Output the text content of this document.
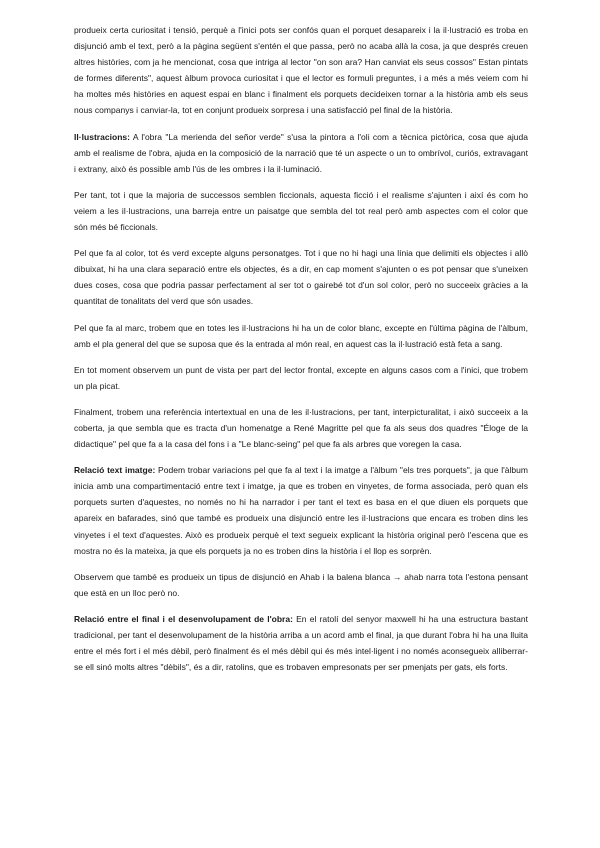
produeix certa curiositat i tensió, perquè a l'inici pots ser confós quan el porquet desapareix i la il·lustració es troba en disjunció amb el text, però a la pàgina següent s'entén el que passa, però no acaba allà la cosa, ja que després creuen altres històries, com ja he mencionat, cosa que intriga al lector "on son ara? Han canviat els seus cossos" Estan pintats de formes diferents", aquest àlbum provoca curiositat i que el lector es formuli preguntes, i a més a més veiem com hi ha moltes més històries en aquest espai en blanc i finalment els porquets decideixen tornar a la història amb els seus nous companys i canviar-la, tot en conjunt produeix sorpresa i una satisfacció pel final de la història.

Il·lustracions: A l'obra "La merienda del señor verde" s'usa la pintora a l'oli com a tècnica pictòrica, cosa que ajuda amb el realisme de l'obra, ajuda en la composició de la narració que té un aspecte o un to ombrívol, curiós, extravagant i extrany, això és possible amb l'ús de les ombres i la il·luminació.

Per tant, tot i que la majoria de successos semblen ficcionals, aquesta ficció i el realisme s'ajunten i així és com ho veiem a les il·lustracions, una barreja entre un paisatge que sembla del tot real però amb aspectes com el color que són més bé ficcionals.

Pel que fa al color, tot és verd excepte alguns personatges. Tot i que no hi hagi una línia que delimiti els objectes i allò dibuixat, hi ha una clara separació entre els objectes, és a dir, en cap moment s'ajunten o es pot pensar que s'uneixen dues coses, cosa que podria passar perfectament al ser tot o gairebé tot d'un sol color, però no succeeix gràcies a la quantitat de tonalitats del verd que són usades.

Pel que fa al marc, trobem que en totes les il·lustracions hi ha un de color blanc, excepte en l'última pàgina de l'àlbum, amb el pla general del que se suposa que és la entrada al món real, en aquest cas la il·lustració està feta a sang.

En tot moment observem un punt de vista per part del lector frontal, excepte en alguns casos com a l'inici, que trobem un pla picat.

Finalment, trobem una referència intertextual en una de les il·lustracions, per tant, interpicturalitat, i això succeeix a la coberta, ja que sembla que es tracta d'un homenatge a René Magritte pel que fa als seus dos quadres "Éloge de la didactique" pel que fa a la casa del fons i a "Le blanc-seing" pel que fa als arbres que voregen la casa.

Relació text imatge: Podem trobar variacions pel que fa al text i la imatge a l'àlbum "els tres porquets", ja que l'àlbum inicia amb una compartimentació entre text i imatge, ja que es troben en vinyetes, de forma associada, però quan els porquets surten d'aquestes, no només no hi ha narrador i per tant el text es basa en el que diuen els porquets que apareix en bafarades, sinó que també es produeix una disjunció entre les il·lustracions que encara es troben dins les vinyetes i el text d'aquestes. Això es produeix perquè el text segueix explicant la història original però l'escena que es mostra no és la mateixa, ja que els porquets ja no es troben dins la història i el llop es sorprèn.

Observem que també es produeix un tipus de disjunció en Ahab i la balena blanca → ahab narra tota l'estona pensant que està en un lloc però no.

Relació entre el final i el desenvolupament de l'obra: En el ratolí del senyor maxwell hi ha una estructura bastant tradicional, per tant el desenvolupament de la història arriba a un acord amb el final, ja que durant l'obra hi ha una lluita entre el més fort i el més dèbil, però finalment és el més dèbil qui és més intel·ligent i no només aconsegueix alliberrar-se ell sinó molts altres "dèbils", és a dir, ratolins, que es trobaven empresonats per ser pmenjats per gats, els forts.
